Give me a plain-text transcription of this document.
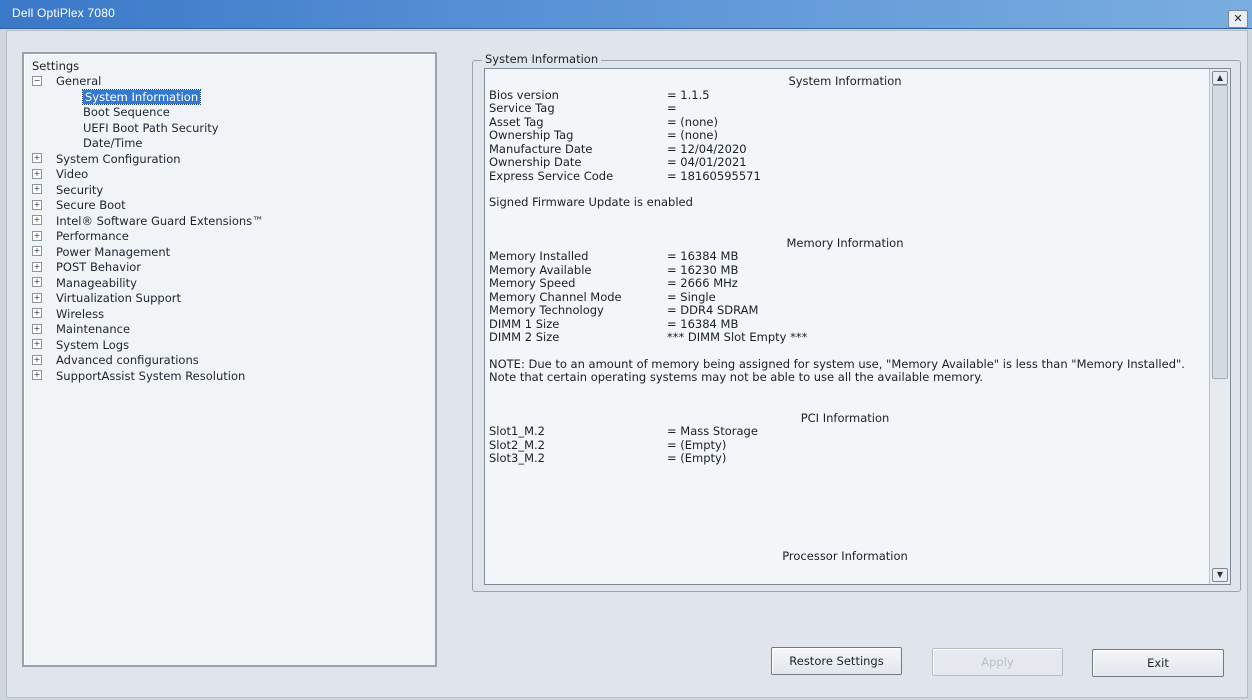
Dell OptiPlex 7080	✕
Settings
− General
System Information
Boot Sequence
UEFI Boot Path Security
Date/Time
+ System Configuration
+ Video
+ Security
+ Secure Boot
+ Intel® Software Guard Extensions™
+ Performance
+ Power Management
+ POST Behavior
+ Manageability
+ Virtualization Support
+ Wireless
+ Maintenance
+ System Logs
+ Advanced configurations
+ SupportAssist System Resolution
System Information
System Information
Bios version	= 1.1.5
Service Tag	=
Asset Tag	= (none)
Ownership Tag	= (none)
Manufacture Date	= 12/04/2020
Ownership Date	= 04/01/2021
Express Service Code	= 18160595571
Signed Firmware Update is enabled
Memory Information
Memory Installed	= 16384 MB
Memory Available	= 16230 MB
Memory Speed	= 2666 MHz
Memory Channel Mode	= Single
Memory Technology	= DDR4 SDRAM
DIMM 1 Size	= 16384 MB
DIMM 2 Size	*** DIMM Slot Empty ***

NOTE: Due to an amount of memory being assigned for system use, "Memory Available" is less than "Memory Installed". Note that certain operating systems may not be able to use all the available memory.

PCI Information
Slot1_M.2	= Mass Storage
Slot2_M.2	= (Empty)
Slot3_M.2	= (Empty)
Processor Information
▲
▼
Restore Settings	Apply	Exit
